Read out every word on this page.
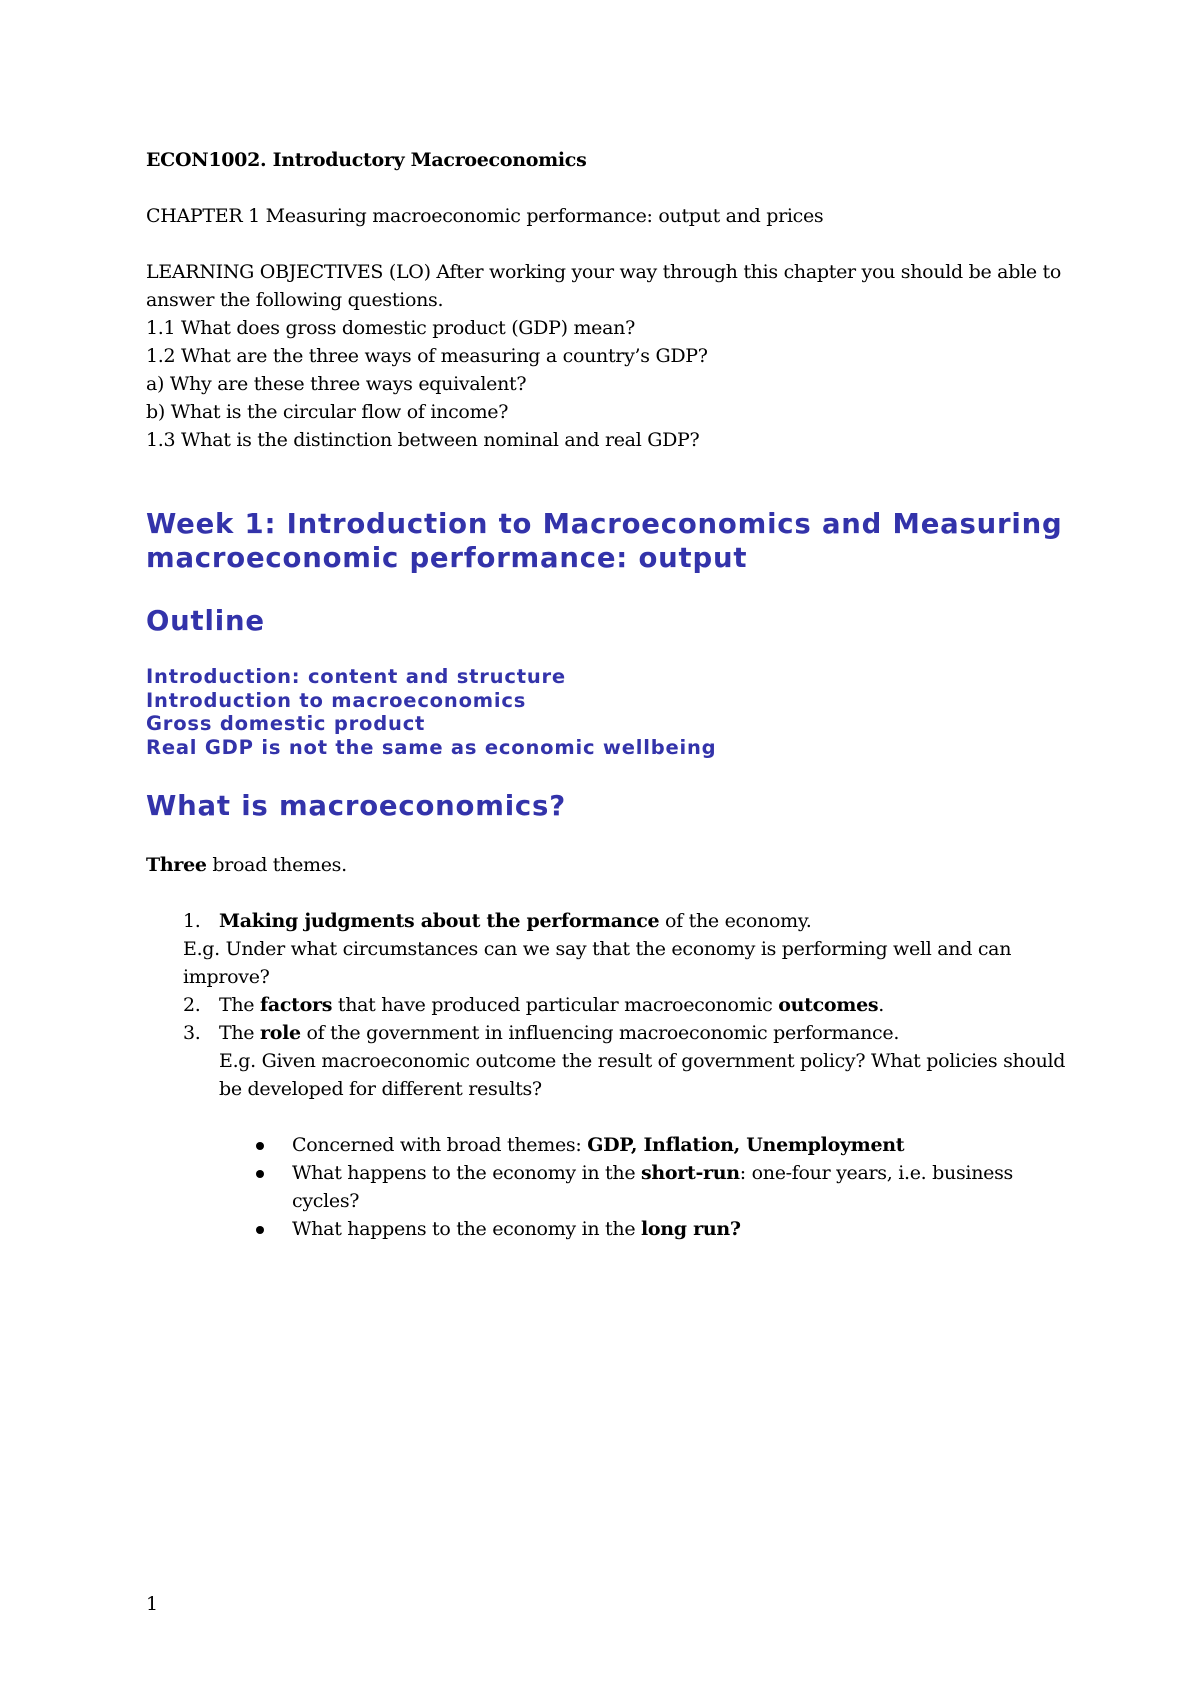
ECON1002. Introductory Macroeconomics

CHAPTER 1 Measuring macroeconomic performance: output and prices

LEARNING OBJECTIVES (LO) After working your way through this chapter you should be able to answer the following questions.

1.1 What does gross domestic product (GDP) mean?

1.2 What are the three ways of measuring a country’s GDP?

a) Why are these three ways equivalent?

b) What is the circular flow of income?

1.3 What is the distinction between nominal and real GDP?

Week 1: Introduction to Macroeconomics and Measuring macroeconomic performance: output
Outline

Introduction: content and structure

Introduction to macroeconomics

Gross domestic product

Real GDP is not the same as economic wellbeing

What is macroeconomics?

Three broad themes.

1. Making judgments about the performance of the economy.

E.g. Under what circumstances can we say that the economy is performing well and can improve?

2. The factors that have produced particular macroeconomic outcomes.
3. The role of the government in influencing macroeconomic performance.
E.g. Given macroeconomic outcome the result of government policy? What policies should be developed for different results?
Concerned with broad themes: GDP, Inflation, Unemployment
What happens to the economy in the short-run: one-four years, i.e. business cycles?
What happens to the economy in the long run?

1
